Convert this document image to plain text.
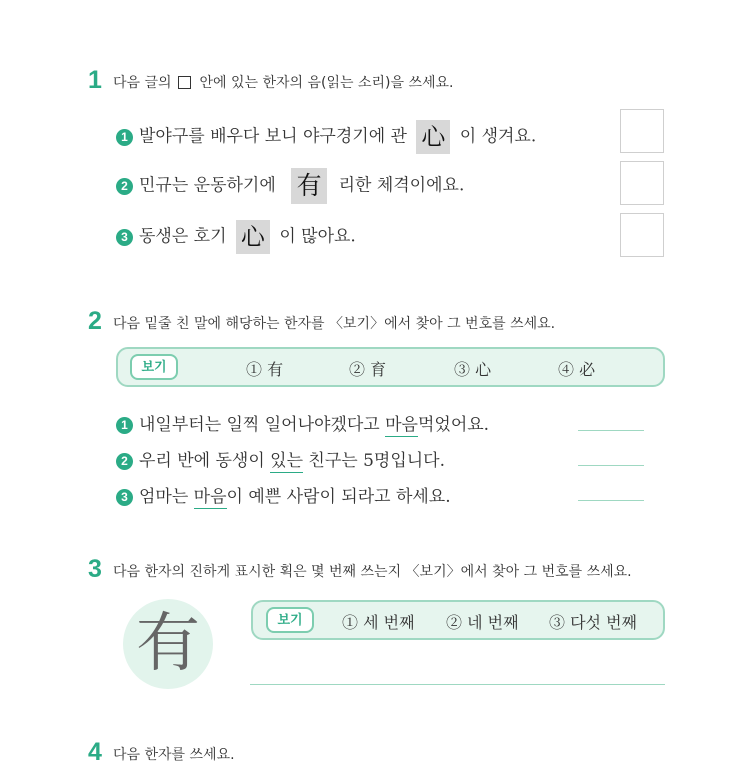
1 다음 글의 안에 있는 한자의 음(읽는 소리)을 쓰세요.
1 발야구를 배우다 보니 야구경기에 관 心 이 생겨요.
2 민규는 운동하기에 有 리한 체격이에요.
3 동생은 호기 心 이 많아요.
2 다음 밑줄 친 말에 해당하는 한자를 〈보기〉에서 찾아 그 번호를 쓰세요.
보기	① 有	② 育	③ 心	④ 必
1 내일부터는 일찍 일어나야겠다고 마음먹었어요.
2 우리 반에 동생이 있는 친구는 5명입니다.
3 엄마는 마음이 예쁜 사람이 되라고 하세요.
3 다음 한자의 진하게 표시한 획은 몇 번째 쓰는지 〈보기〉에서 찾아 그 번호를 쓰세요.
有	보기	① 세 번째 ② 네 번째 ③ 다섯 번째
4 다음 한자를 쓰세요.
